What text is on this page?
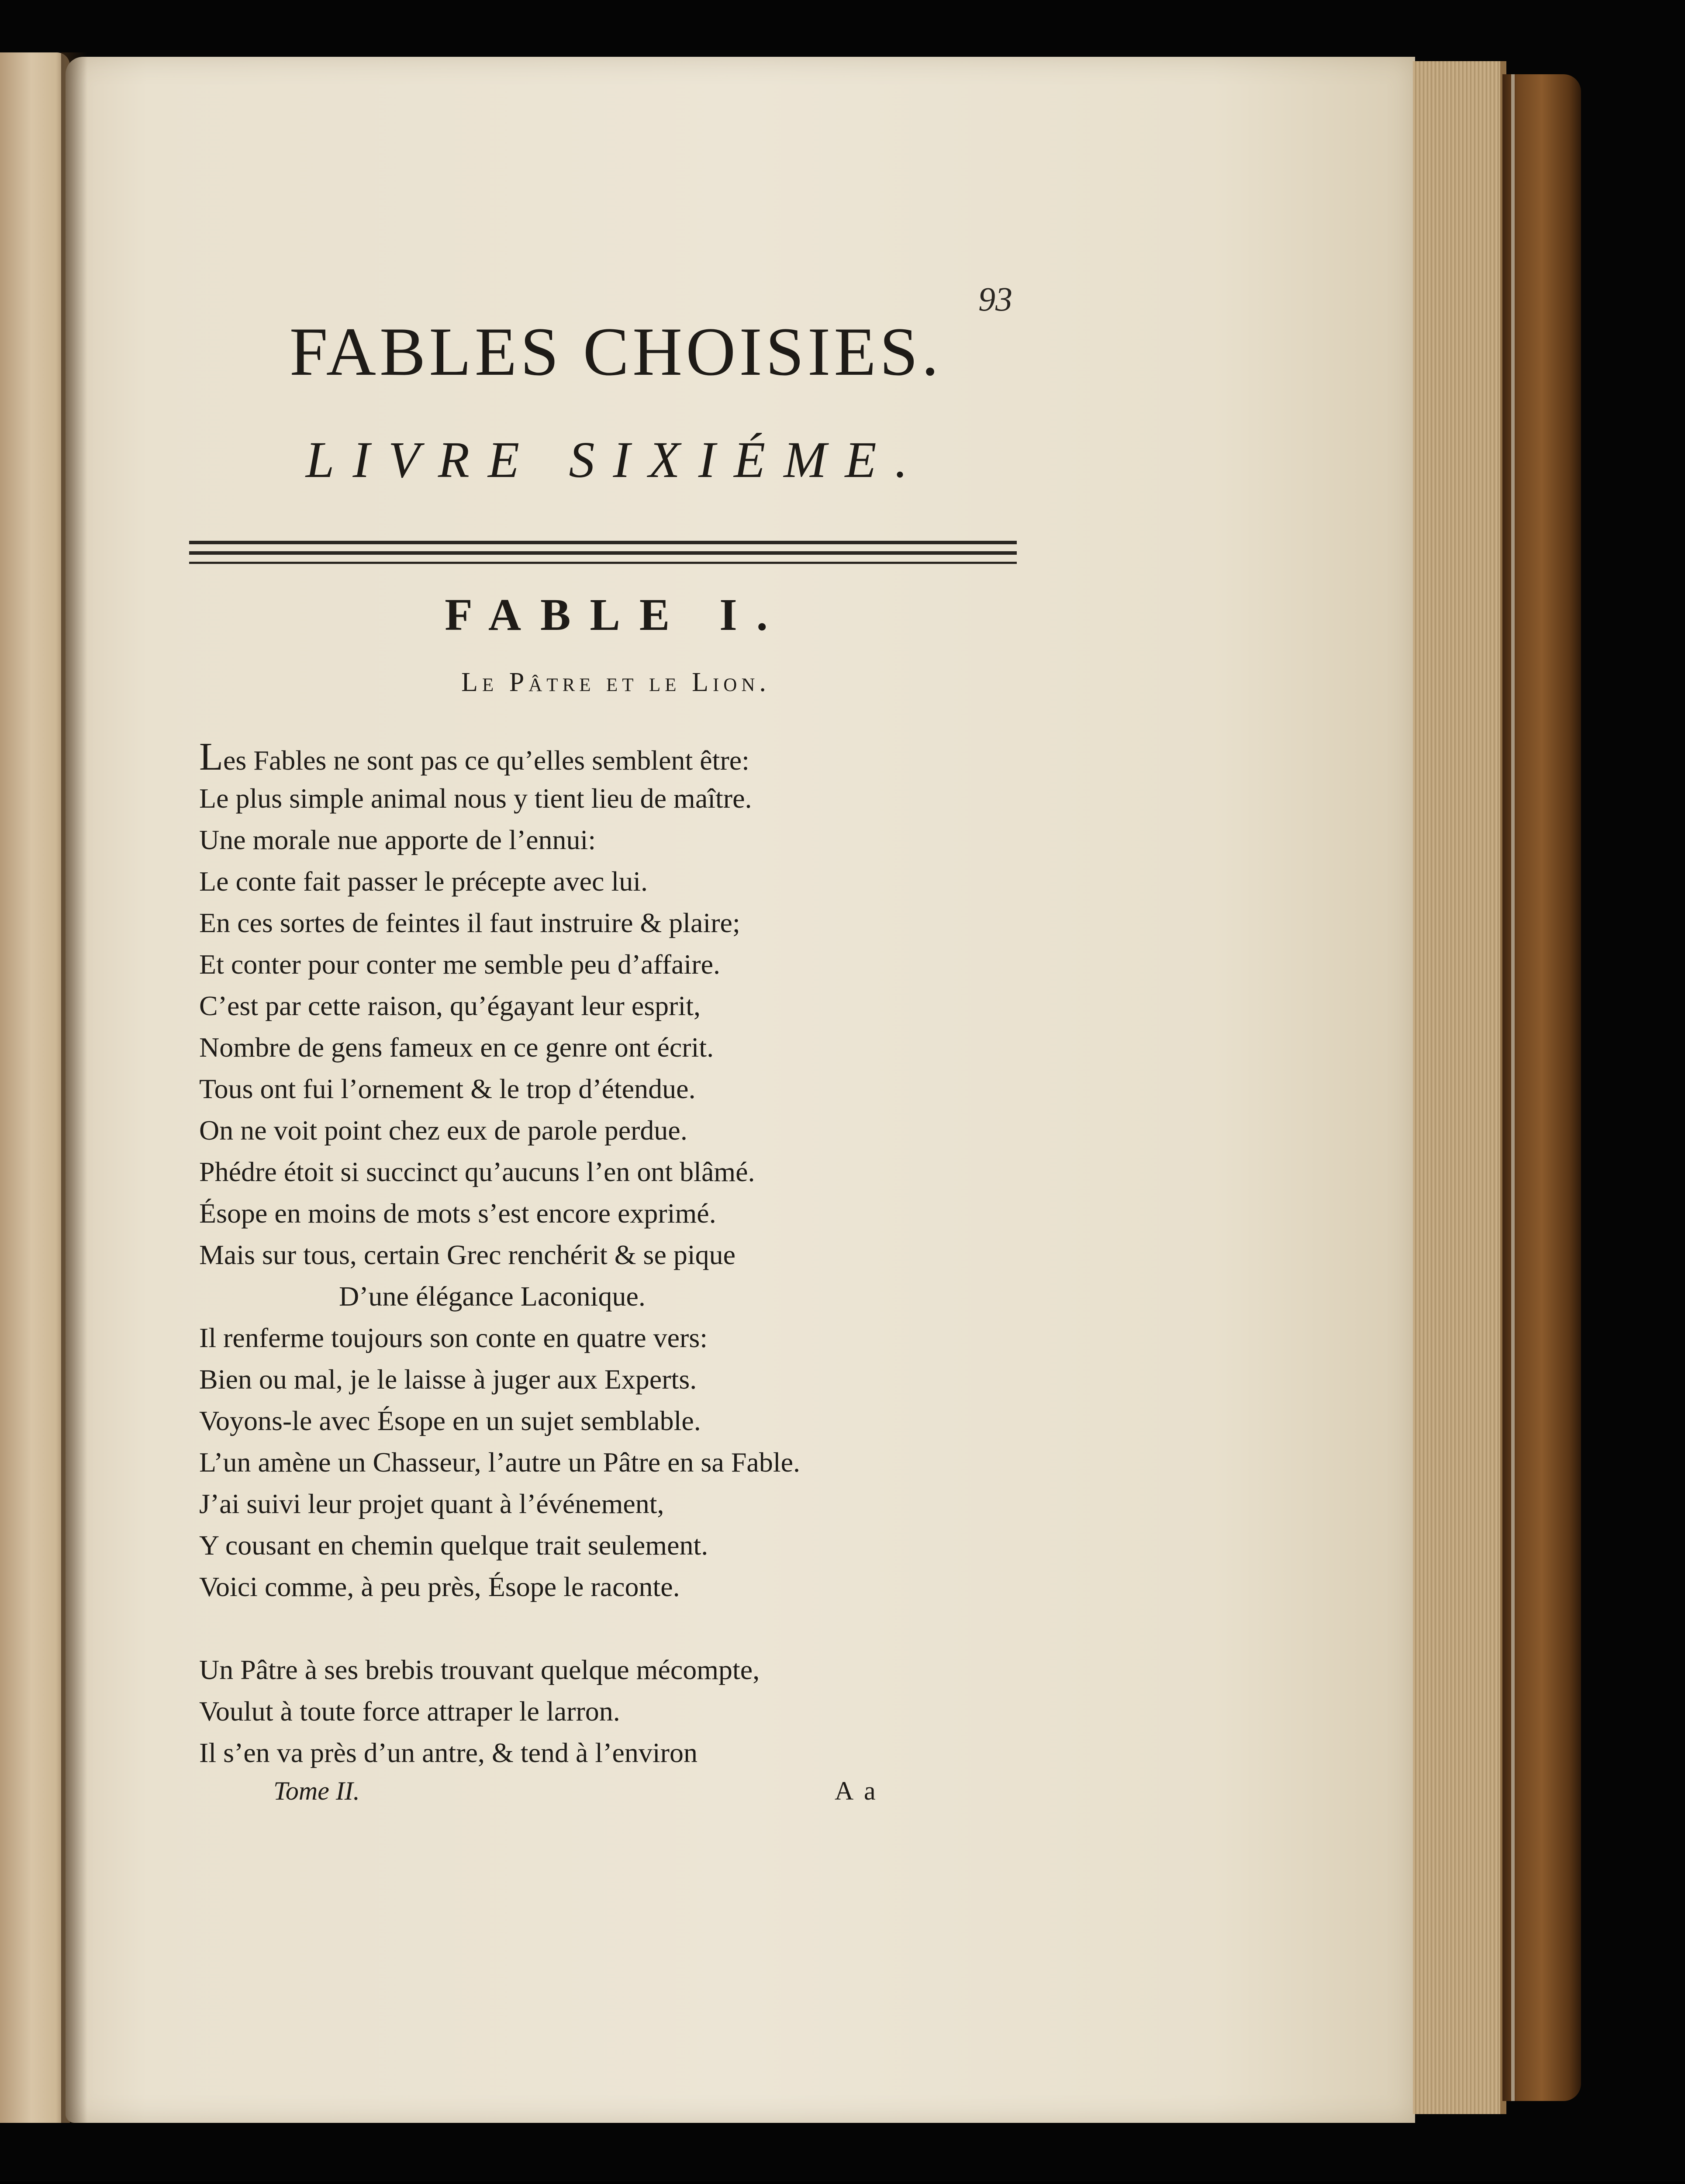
93
FABLES CHOISIES.
LIVRE SIXIÉME.
FABLE I.
Le Pâtre et le Lion.
Les Fables ne sont pas ce qu’elles semblent être:
Le plus simple animal nous y tient lieu de maître.
Une morale nue apporte de l’ennui:
Le conte fait passer le précepte avec lui.
En ces sortes de feintes il faut instruire & plaire;
Et conter pour conter me semble peu d’affaire.
C’est par cette raison, qu’égayant leur esprit,
Nombre de gens fameux en ce genre ont écrit.
Tous ont fui l’ornement & le trop d’étendue.
On ne voit point chez eux de parole perdue.
Phédre étoit si succinct qu’aucuns l’en ont blâmé.
Ésope en moins de mots s’est encore exprimé.
Mais sur tous, certain Grec renchérit & se pique
D’une élégance Laconique.
Il renferme toujours son conte en quatre vers:
Bien ou mal, je le laisse à juger aux Experts.
Voyons-le avec Ésope en un sujet semblable.
L’un amène un Chasseur, l’autre un Pâtre en sa Fable.
J’ai suivi leur projet quant à l’événement,
Y cousant en chemin quelque trait seulement.
Voici comme, à peu près, Ésope le raconte.
Un Pâtre à ses brebis trouvant quelque mécompte,
Voulut à toute force attraper le larron.
Il s’en va près d’un antre, & tend à l’environ
Tome II.	A a
